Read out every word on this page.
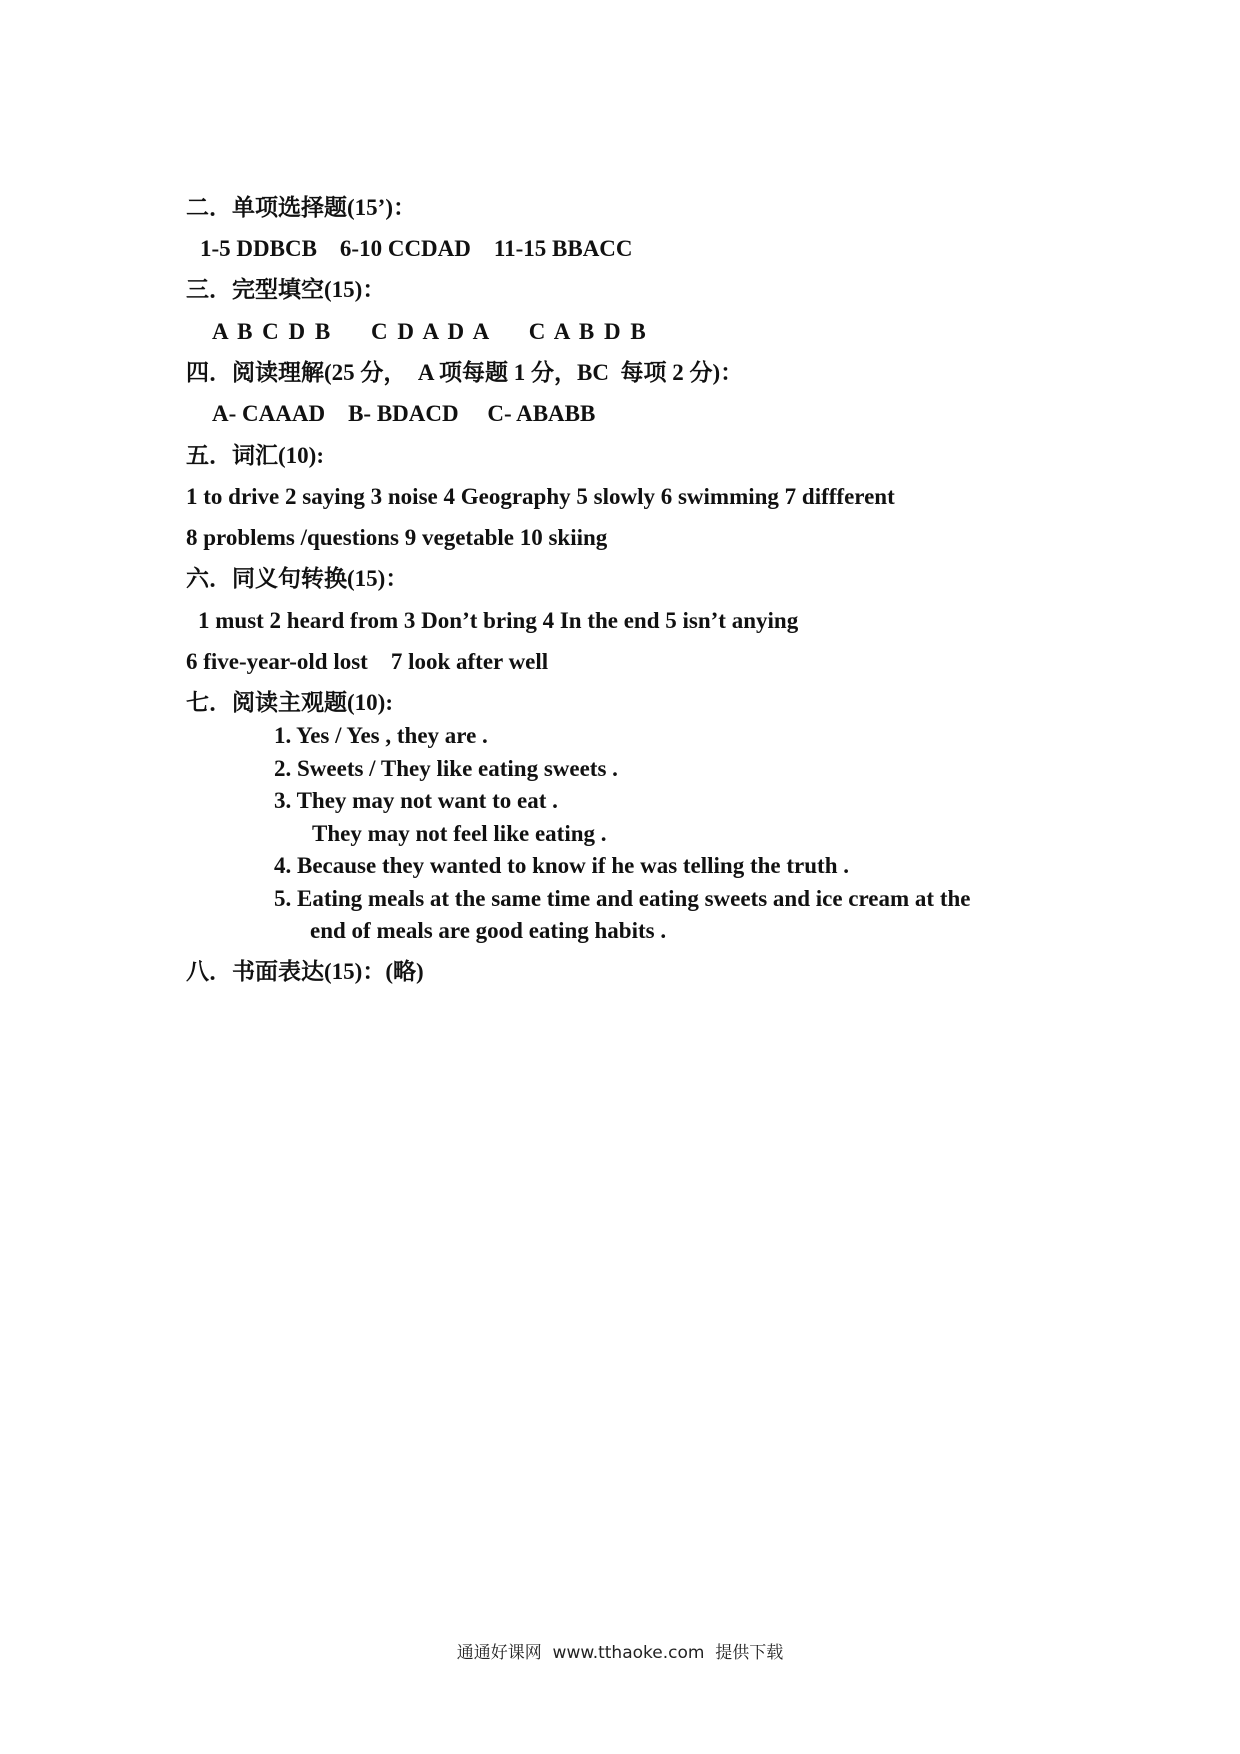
二．单项选择题(15’)：
1-5 DDBCB    6-10 CCDAD    11-15 BBACC
三．完型填空(15)：
A B C D B     C D A D A     C A B D B
四．阅读理解(25 分，  A 项每题 1 分，BC  每项 2 分)：
A- CAAAD    B- BDACD     C- ABABB
五．词汇(10):
1 to drive 2 saying 3 noise 4 Geography 5 slowly 6 swimming 7 diffferent
8 problems /questions 9 vegetable 10 skiing
六．同义句转换(15)：
1 must 2 heard from 3 Don’t bring 4 In the end 5 isn’t anying
6 five-year-old lost    7 look after well
七．阅读主观题(10):
1. Yes / Yes , they are .
2. Sweets / They like eating sweets .
3. They may not want to eat .
They may not feel like eating .
4. Because they wanted to know if he was telling the truth .
5. Eating meals at the same time and eating sweets and ice cream at the
end of meals are good eating habits .
八．书面表达(15)：(略)
通通好课网  www.tthaoke.com  提供下载
